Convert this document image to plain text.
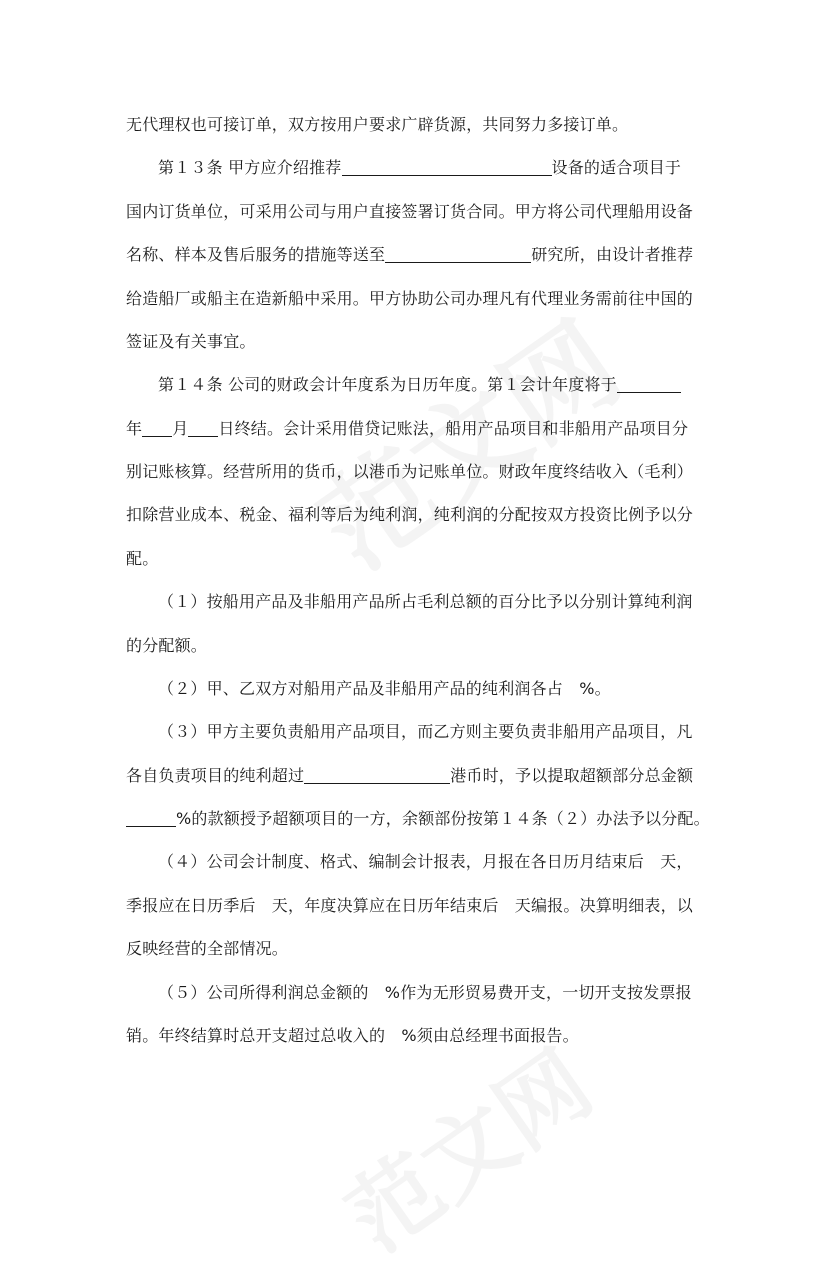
无代理权也可接订单，双方按用户要求广辟货源，共同努力多接订单。
第１３条 甲方应介绍推荐	设备的适合项目于
国内订货单位，可采用公司与用户直接签署订货合同。甲方将公司代理船用设备
名称、样本及售后服务的措施等送至	研究所，由设计者推荐
给造船厂或船主在造新船中采用。甲方协助公司办理凡有代理业务需前往中国的
签证及有关事宜。
第１４条 公司的财政会计年度系为日历年度。第１会计年度将于
年 月 日终结。会计采用借贷记账法，船用产品项目和非船用产品项目分
别记账核算。经营所用的货币，以港币为记账单位。财政年度终结收入（毛利）
扣除营业成本、税金、福利等后为纯利润，纯利润的分配按双方投资比例予以分
配。
（１）按船用产品及非船用产品所占毛利总额的百分比予以分别计算纯利润
的分配额。
（２）甲、乙双方对船用产品及非船用产品的纯利润各占　%。
（３）甲方主要负责船用产品项目，而乙方则主要负责非船用产品项目，凡
各自负责项目的纯利超过	港币时，予以提取超额部分总金额
%的款额授予超额项目的一方，余额部份按第１４条（２）办法予以分配。
（４）公司会计制度、格式、编制会计报表，月报在各日历月结束后　天，
季报应在日历季后　天，年度决算应在日历年结束后　天编报。决算明细表，以
反映经营的全部情况。
（５）公司所得利润总金额的　%作为无形贸易费开支，一切开支按发票报
销。年终结算时总开支超过总收入的　%须由总经理书面报告。
